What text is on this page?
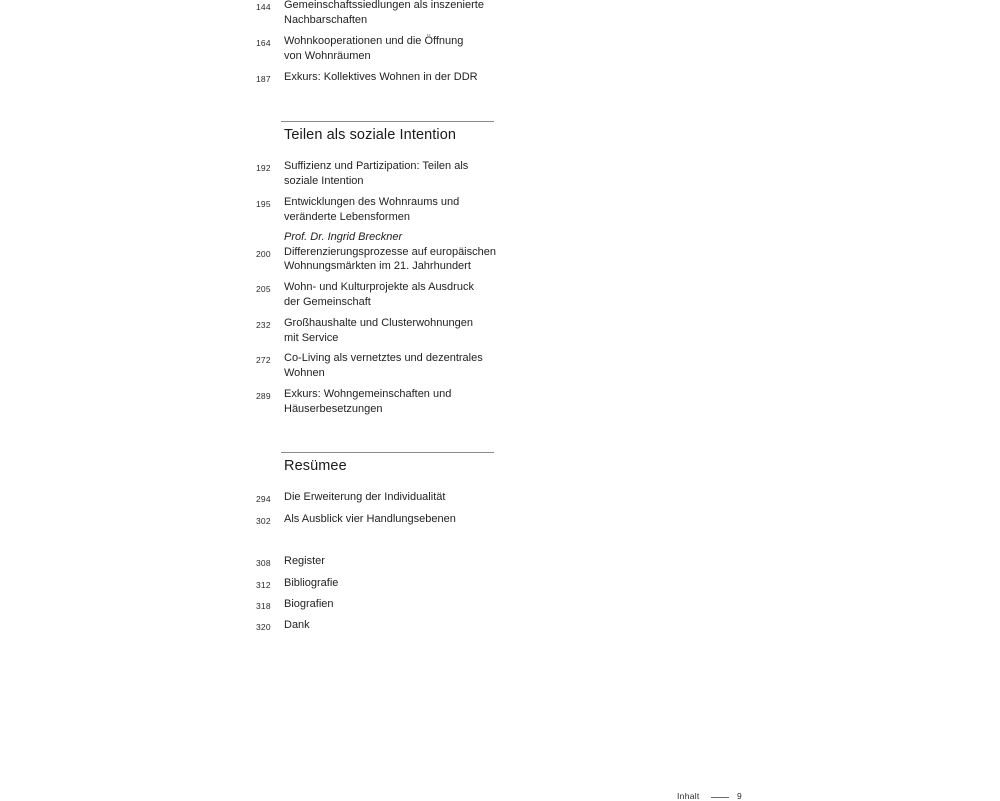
144 Gemeinschaftssiedlungen als inszenierte
Nachbarschaften
164 Wohnkooperationen und die Öffnung
von Wohnräumen
187 Exkurs: Kollektives Wohnen in der DDR
Teilen als soziale Intention
192 Suffizienz und Partizipation: Teilen als
soziale Intention
195 Entwicklungen des Wohnraums und
veränderte Lebensformen
200
Prof. Dr. Ingrid Breckner
Differenzierungsprozesse auf europäischen
Wohnungsmärkten im 21. Jahrhundert
205 Wohn- und Kulturprojekte als Ausdruck
der Gemeinschaft
232 Großhaushalte und Clusterwohnungen
mit Service
272 Co-Living als vernetztes und dezentrales
Wohnen
289 Exkurs: Wohngemeinschaften und
Häuserbesetzungen
Resümee
294 Die Erweiterung der Individualität
302 Als Ausblick vier Handlungsebenen
308 Register
312 Bibliografie
318 Biografien
320 Dank
Inhalt	9
